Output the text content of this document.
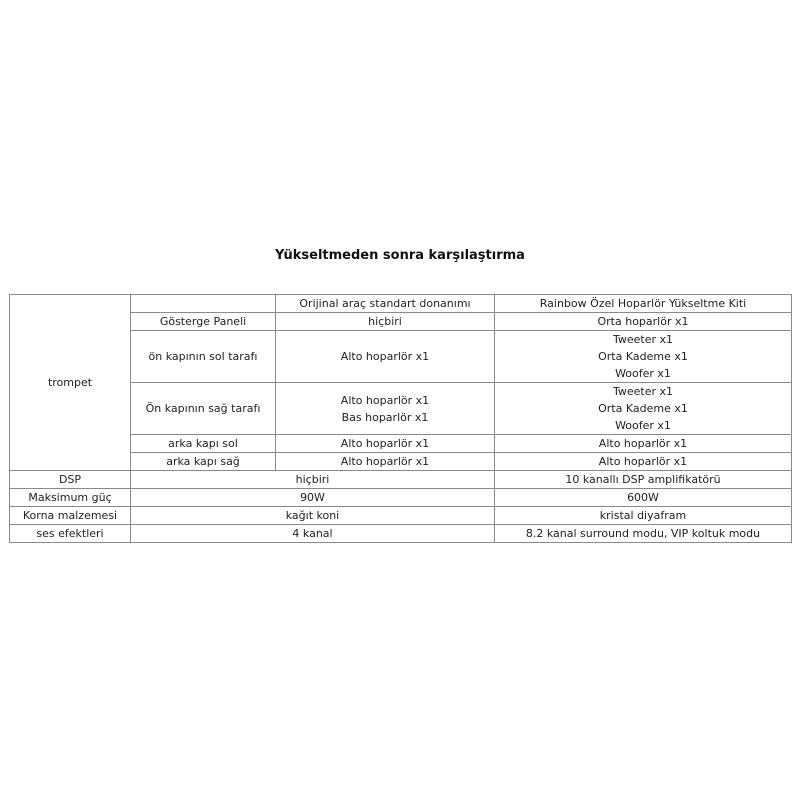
Yükseltmeden sonra karşılaştırma
trompet		Orijinal araç standart donanımı	Rainbow Özel Hoparlör Yükseltme Kiti
	Gösterge Paneli	hiçbiri	Orta hoparlör x1

	ön kapının sol tarafı	Alto hoparlör x1	Tweeter x1
Orta Kademe x1
Woofer x1

	Ön kapının sağ tarafı	Alto hoparlör x1
Bas hoparlör x1	Tweeter x1
Orta Kademe x1
Woofer x1

	arka kapı sol	Alto hoparlör x1	Alto hoparlör x1

	arka kapı sağ	Alto hoparlör x1	Alto hoparlör x1

DSP	hiçbiri		10 kanallı DSP amplifikatörü
Maksimum güç	90W		600W
Korna malzemesi	kağıt koni		kristal diyafram
ses efektleri	4 kanal		8.2 kanal surround modu, VIP koltuk modu
